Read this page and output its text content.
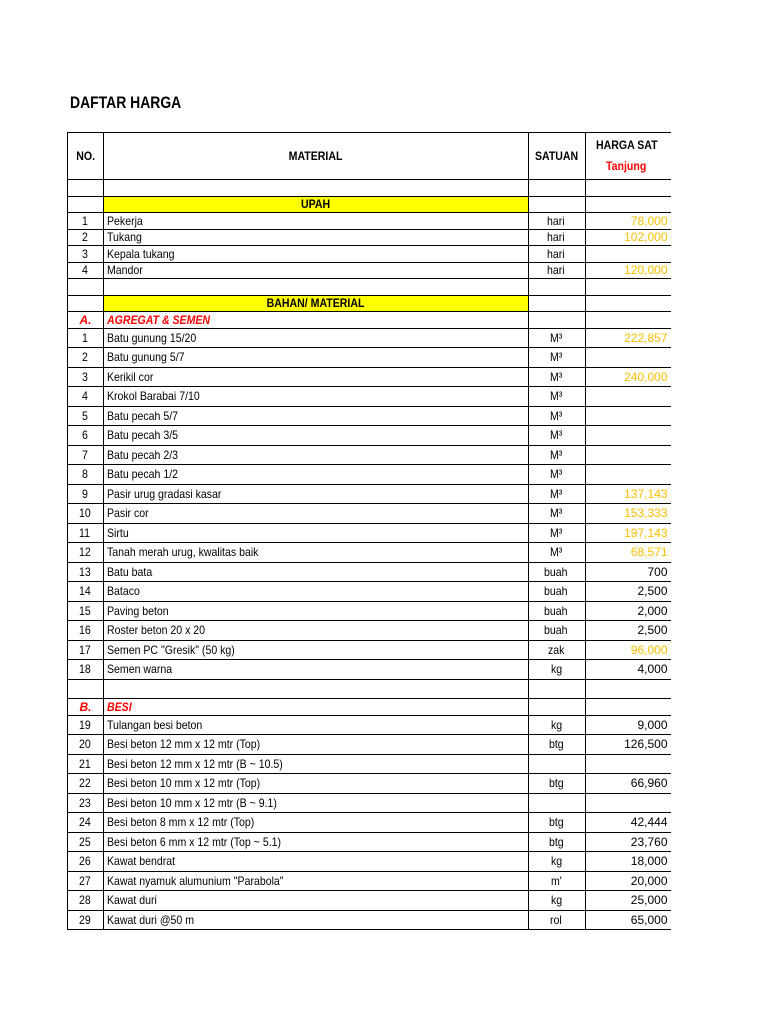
DAFTAR HARGA
NO.	MATERIAL	SATUAN	HARGA SAT
Tanjung

	UPAH		
1	Pekerja	hari	78,000
2	Tukang	hari	102,000
3	Kepala tukang	hari	
4	Mandor	hari	120,000

	BAHAN/ MATERIAL		
A.	AGREGAT & SEMEN		
1	Batu gunung 15/20	M³	222,857
2	Batu gunung 5/7	M³	
3	Kerikil cor	M³	240,000
4	Krokol Barabai 7/10	M³	
5	Batu pecah 5/7	M³	
6	Batu pecah 3/5	M³	
7	Batu pecah 2/3	M³	
8	Batu pecah 1/2	M³	
9	Pasir urug gradasi kasar	M³	137,143
10	Pasir cor	M³	153,333
11	Sirtu	M³	197,143
12	Tanah merah urug, kwalitas baik	M³	68,571
13	Batu bata	buah	700
14	Bataco	buah	2,500
15	Paving beton	buah	2,000
16	Roster beton 20 x 20	buah	2,500
17	Semen PC "Gresik" (50 kg)	zak	96,000
18	Semen warna	kg	4,000

B.	BESI		
19	Tulangan besi beton	kg	9,000
20	Besi beton 12 mm x 12 mtr (Top)	btg	126,500
21	Besi beton 12 mm x 12 mtr (B ~ 10.5)		
22	Besi beton 10 mm x 12 mtr (Top)	btg	66,960
23	Besi beton 10 mm x 12 mtr (B ~ 9.1)		
24	Besi beton 8 mm x 12 mtr (Top)	btg	42,444
25	Besi beton 6 mm x 12 mtr (Top ~ 5.1)	btg	23,760
26	Kawat bendrat	kg	18,000
27	Kawat nyamuk alumunium "Parabola"	m'	20,000
28	Kawat duri	kg	25,000
29	Kawat duri @50 m	rol	65,000
